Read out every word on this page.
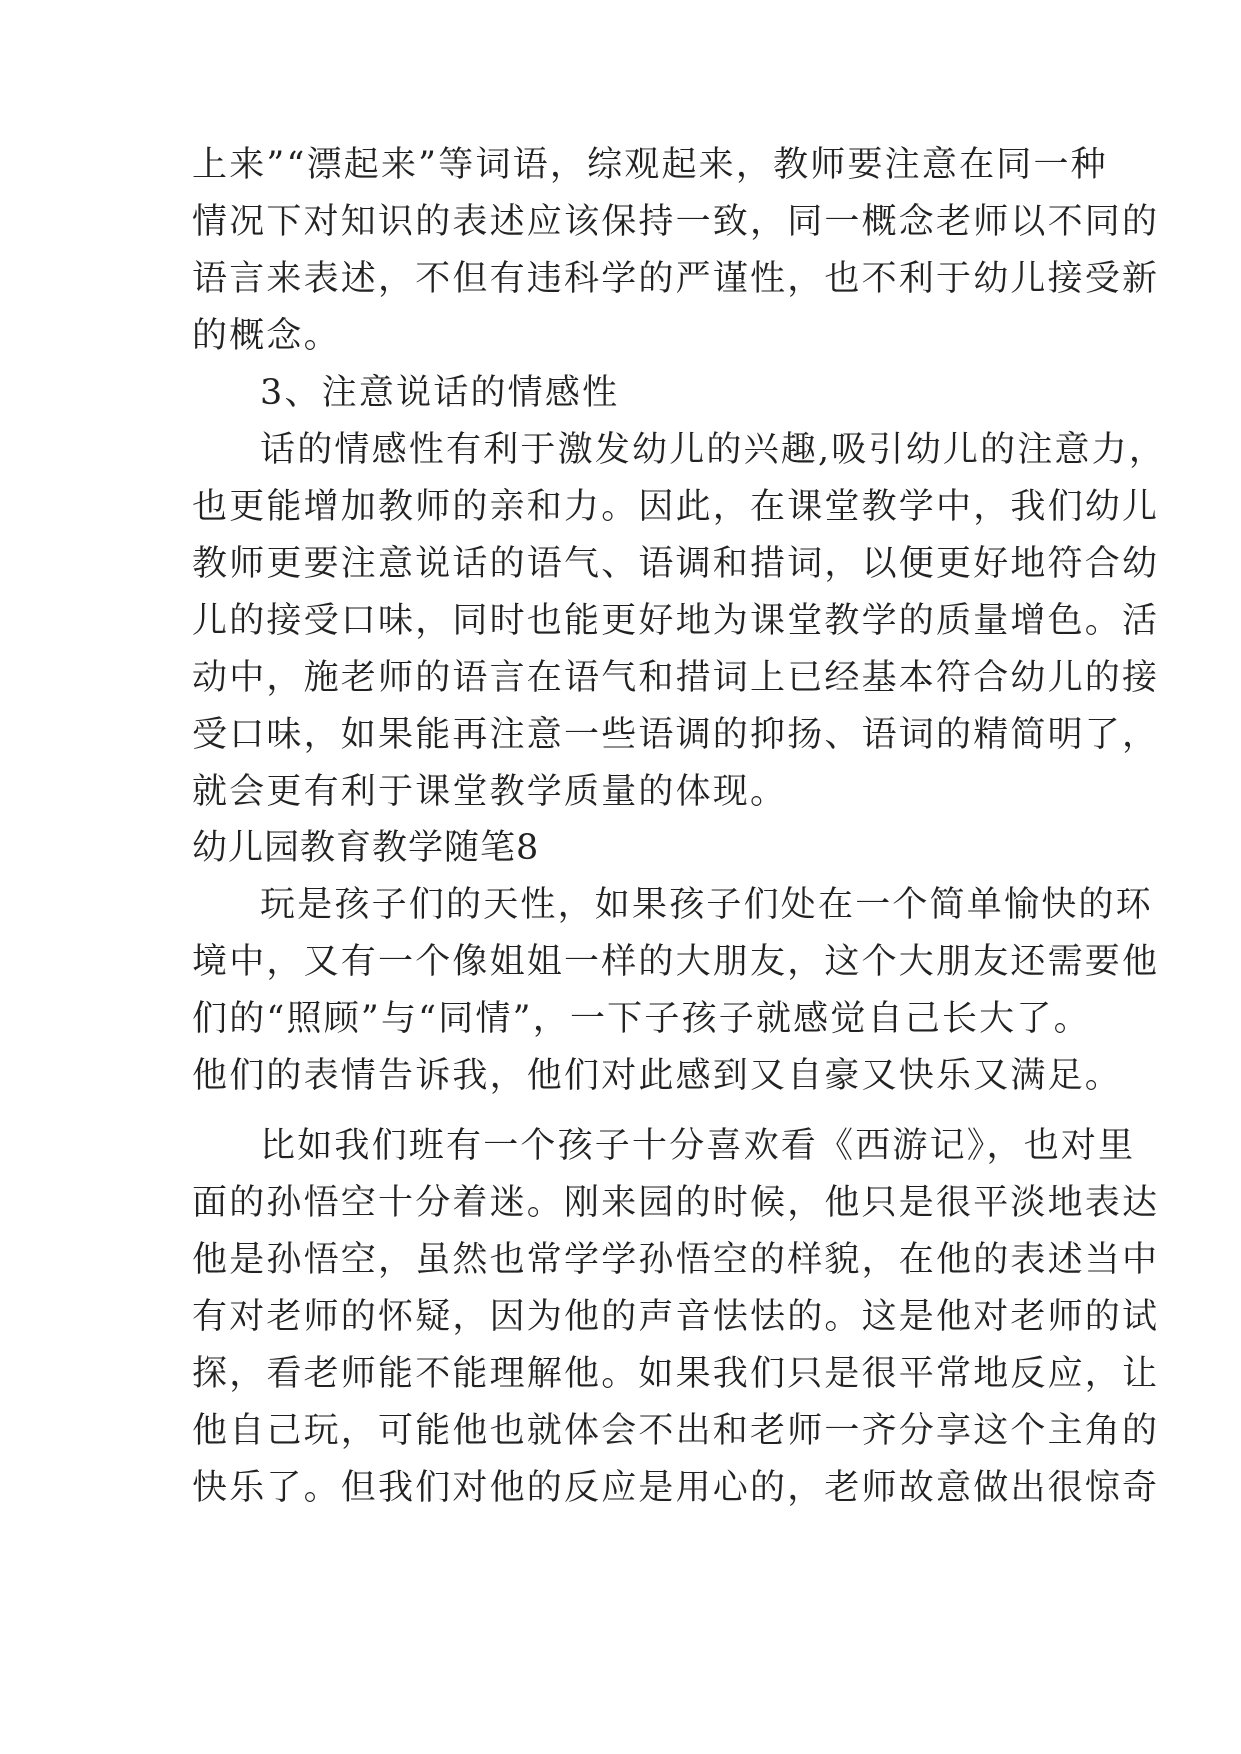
上来”“漂起来”等词语，综观起来，教师要注意在同一种
情况下对知识的表述应该保持一致，同一概念老师以不同的
语言来表述，不但有违科学的严谨性，也不利于幼儿接受新
的概念。
3、注意说话的情感性
话的情感性有利于激发幼儿的兴趣,吸引幼儿的注意力，
也更能增加教师的亲和力。因此，在课堂教学中，我们幼儿
教师更要注意说话的语气、语调和措词，以便更好地符合幼
儿的接受口味，同时也能更好地为课堂教学的质量增色。活
动中，施老师的语言在语气和措词上已经基本符合幼儿的接
受口味，如果能再注意一些语调的抑扬、语词的精简明了，
就会更有利于课堂教学质量的体现。
幼儿园教育教学随笔8
玩是孩子们的天性，如果孩子们处在一个简单愉快的环
境中，又有一个像姐姐一样的大朋友，这个大朋友还需要他
们的“照顾”与“同情”，一下子孩子就感觉自己长大了。
他们的表情告诉我，他们对此感到又自豪又快乐又满足。
比如我们班有一个孩子十分喜欢看《西游记》，也对里
面的孙悟空十分着迷。刚来园的时候，他只是很平淡地表达
他是孙悟空，虽然也常学学孙悟空的样貌，在他的表述当中
有对老师的怀疑，因为他的声音怯怯的。这是他对老师的试
探，看老师能不能理解他。如果我们只是很平常地反应，让
他自己玩，可能他也就体会不出和老师一齐分享这个主角的
快乐了。但我们对他的反应是用心的，老师故意做出很惊奇
